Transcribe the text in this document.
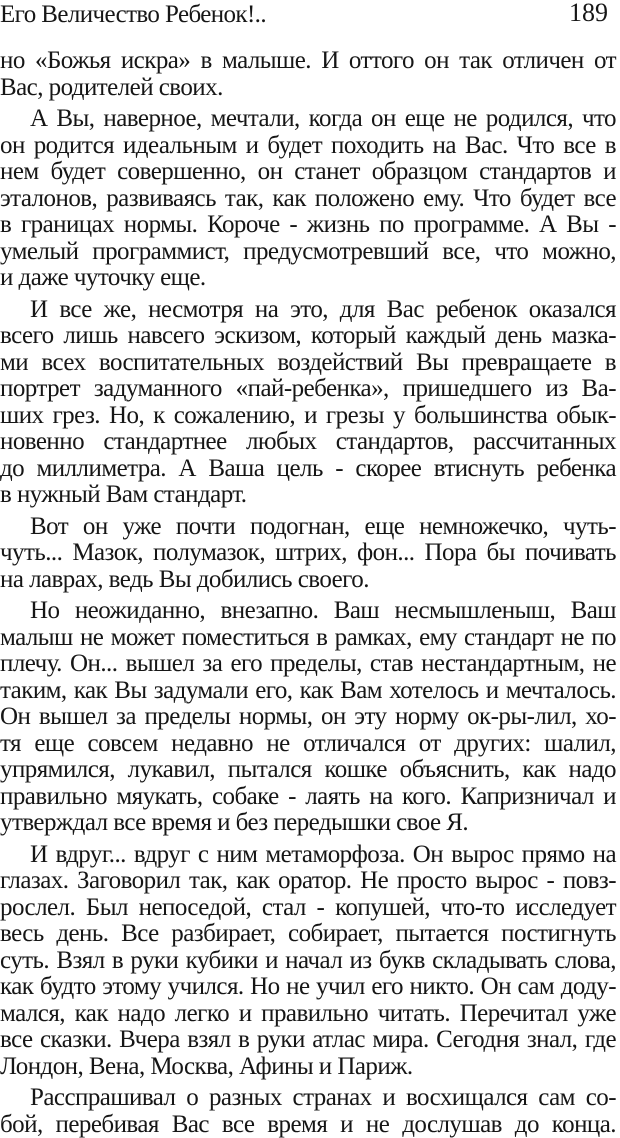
Его Величество Ребенок!..	189
но «Божья искра» в малыше. И оттого он так отличен от
Вас, родителей своих.
А Вы, наверное, мечтали, когда он еще не родился, что
он родится идеальным и будет походить на Вас. Что все в
нем будет совершенно, он станет образцом стандартов и
эталонов, развиваясь так, как положено ему. Что будет все
в границах нормы. Короче - жизнь по программе. А Вы -
умелый программист, предусмотревший все, что можно,
и даже чуточку еще.
И все же, несмотря на это, для Вас ребенок оказался
всего лишь навсего эскизом, который каждый день мазка-
ми всех воспитательных воздействий Вы превращаете в
портрет задуманного «пай-ребенка», пришедшего из Ва-
ших грез. Но, к сожалению, и грезы у большинства обык-
новенно стандартнее любых стандартов, рассчитанных
до миллиметра. А Ваша цель - скорее втиснуть ребенка
в нужный Вам стандарт.
Вот он уже почти подогнан, еще немножечко, чуть-
чуть... Мазок, полумазок, штрих, фон... Пора бы почивать
на лаврах, ведь Вы добились своего.
Но неожиданно, внезапно. Ваш несмышленыш, Ваш
малыш не может поместиться в рамках, ему стандарт не по
плечу. Он... вышел за его пределы, став нестандартным, не
таким, как Вы задумали его, как Вам хотелось и мечталось.
Он вышел за пределы нормы, он эту норму ок-ры-лил, хо-
тя еще совсем недавно не отличался от других: шалил,
упрямился, лукавил, пытался кошке объяснить, как надо
правильно мяукать, собаке - лаять на кого. Капризничал и
утверждал все время и без передышки свое Я.
И вдруг... вдруг с ним метаморфоза. Он вырос прямо на
глазах. Заговорил так, как оратор. Не просто вырос - повз-
рослел. Был непоседой, стал - копушей, что-то исследует
весь день. Все разбирает, собирает, пытается постигнуть
суть. Взял в руки кубики и начал из букв складывать слова,
как будто этому учился. Но не учил его никто. Он сам доду-
мался, как надо легко и правильно читать. Перечитал уже
все сказки. Вчера взял в руки атлас мира. Сегодня знал, где
Лондон, Вена, Москва, Афины и Париж.
Расспрашивал о разных странах и восхищался сам со-
бой, перебивая Вас все время и не дослушав до конца.
